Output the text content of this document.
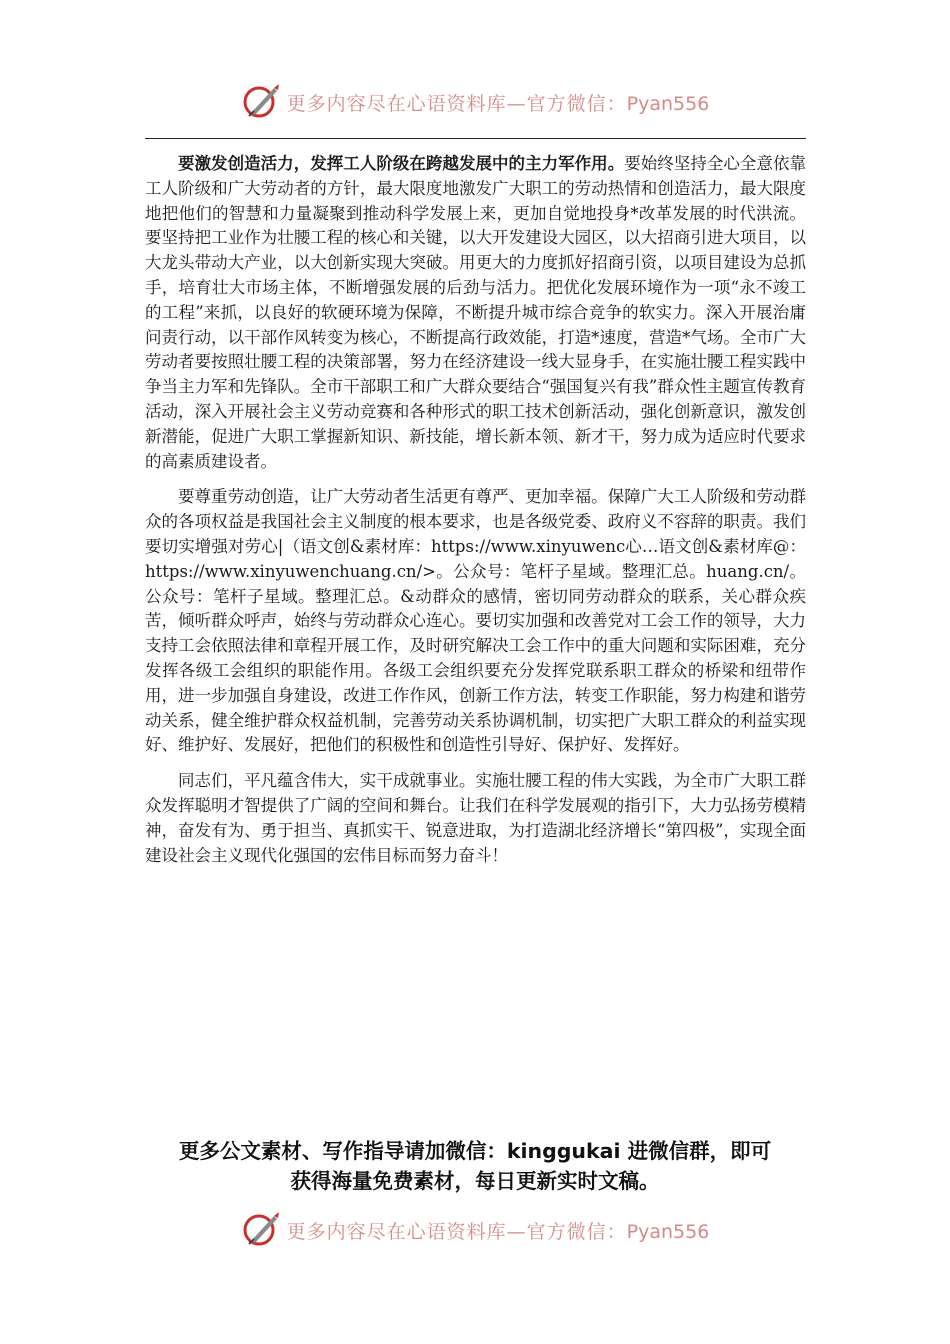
更多内容尽在心语资料库—官方微信：Pyan556

要激发创造活力，发挥工人阶级在跨越发展中的主力军作用。要始终坚持全心全意依靠工人阶级和广大劳动者的方针，最大限度地激发广大职工的劳动热情和创造活力，最大限度地把他们的智慧和力量凝聚到推动科学发展上来，更加自觉地投身*改革发展的时代洪流。要坚持把工业作为壮腰工程的核心和关键，以大开发建设大园区，以大招商引进大项目，以大龙头带动大产业，以大创新实现大突破。用更大的力度抓好招商引资，以项目建设为总抓手，培育壮大市场主体，不断增强发展的后劲与活力。把优化发展环境作为一项“永不竣工的工程”来抓，以良好的软硬环境为保障，不断提升城市综合竞争的软实力。深入开展治庸问责行动，以干部作风转变为核心，不断提高行政效能，打造*速度，营造*气场。全市广大劳动者要按照壮腰工程的决策部署，努力在经济建设一线大显身手，在实施壮腰工程实践中争当主力军和先锋队。全市干部职工和广大群众要结合“强国复兴有我”群众性主题宣传教育活动，深入开展社会主义劳动竞赛和各种形式的职工技术创新活动，强化创新意识，激发创新潜能，促进广大职工掌握新知识、新技能，增长新本领、新才干，努力成为适应时代要求的高素质建设者。

要尊重劳动创造，让广大劳动者生活更有尊严、更加幸福。保障广大工人阶级和劳动群众的各项权益是我国社会主义制度的根本要求，也是各级党委、政府义不容辞的职责。我们要切实增强对劳心|（语文创&素材库：https://www.xinyuwenc心…语文创&素材库@：https://www.xinyuwenchuang.cn/>。公众号：笔杆子星域。整理汇总。huang.cn/。公众号：笔杆子星域。整理汇总。&动群众的感情，密切同劳动群众的联系，关心群众疾苦，倾听群众呼声，始终与劳动群众心连心。要切实加强和改善党对工会工作的领导，大力支持工会依照法律和章程开展工作，及时研究解决工会工作中的重大问题和实际困难，充分发挥各级工会组织的职能作用。各级工会组织要充分发挥党联系职工群众的桥梁和纽带作用，进一步加强自身建设，改进工作作风，创新工作方法，转变工作职能，努力构建和谐劳动关系，健全维护群众权益机制，完善劳动关系协调机制，切实把广大职工群众的利益实现好、维护好、发展好，把他们的积极性和创造性引导好、保护好、发挥好。

同志们，平凡蕴含伟大，实干成就事业。实施壮腰工程的伟大实践，为全市广大职工群众发挥聪明才智提供了广阔的空间和舞台。让我们在科学发展观的指引下，大力弘扬劳模精神，奋发有为、勇于担当、真抓实干、锐意进取，为打造湖北经济增长“第四极”，实现全面建设社会主义现代化强国的宏伟目标而努力奋斗！

更多公文素材、写作指导请加微信：kinggukai 进微信群，即可
获得海量免费素材，每日更新实时文稿。
更多内容尽在心语资料库—官方微信：Pyan556
